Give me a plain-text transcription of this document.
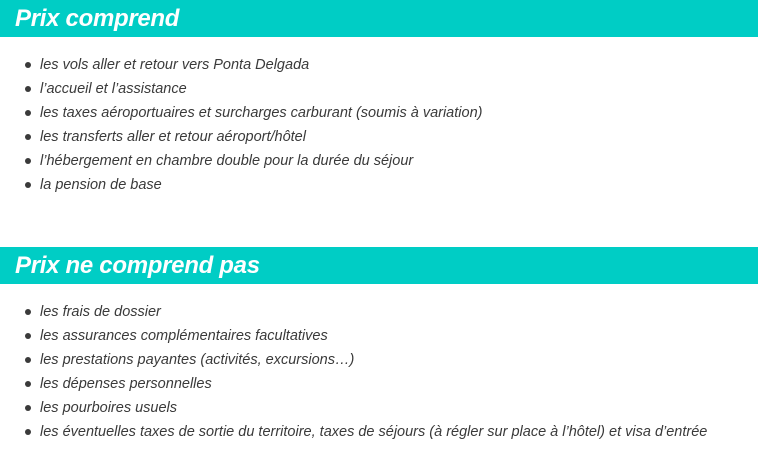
Prix comprend
les vols aller et retour vers Ponta Delgada
l’accueil et l’assistance
les taxes aéroportuaires et surcharges carburant (soumis à variation)
les transferts aller et retour aéroport/hôtel
l’hébergement en chambre double pour la durée du séjour
la pension de base
Prix ne comprend pas
les frais de dossier
les assurances complémentaires facultatives
les prestations payantes (activités, excursions…)
les dépenses personnelles
les pourboires usuels
les éventuelles taxes de sortie du territoire, taxes de séjours (à régler sur place à l’hôtel) et visa d’entrée
